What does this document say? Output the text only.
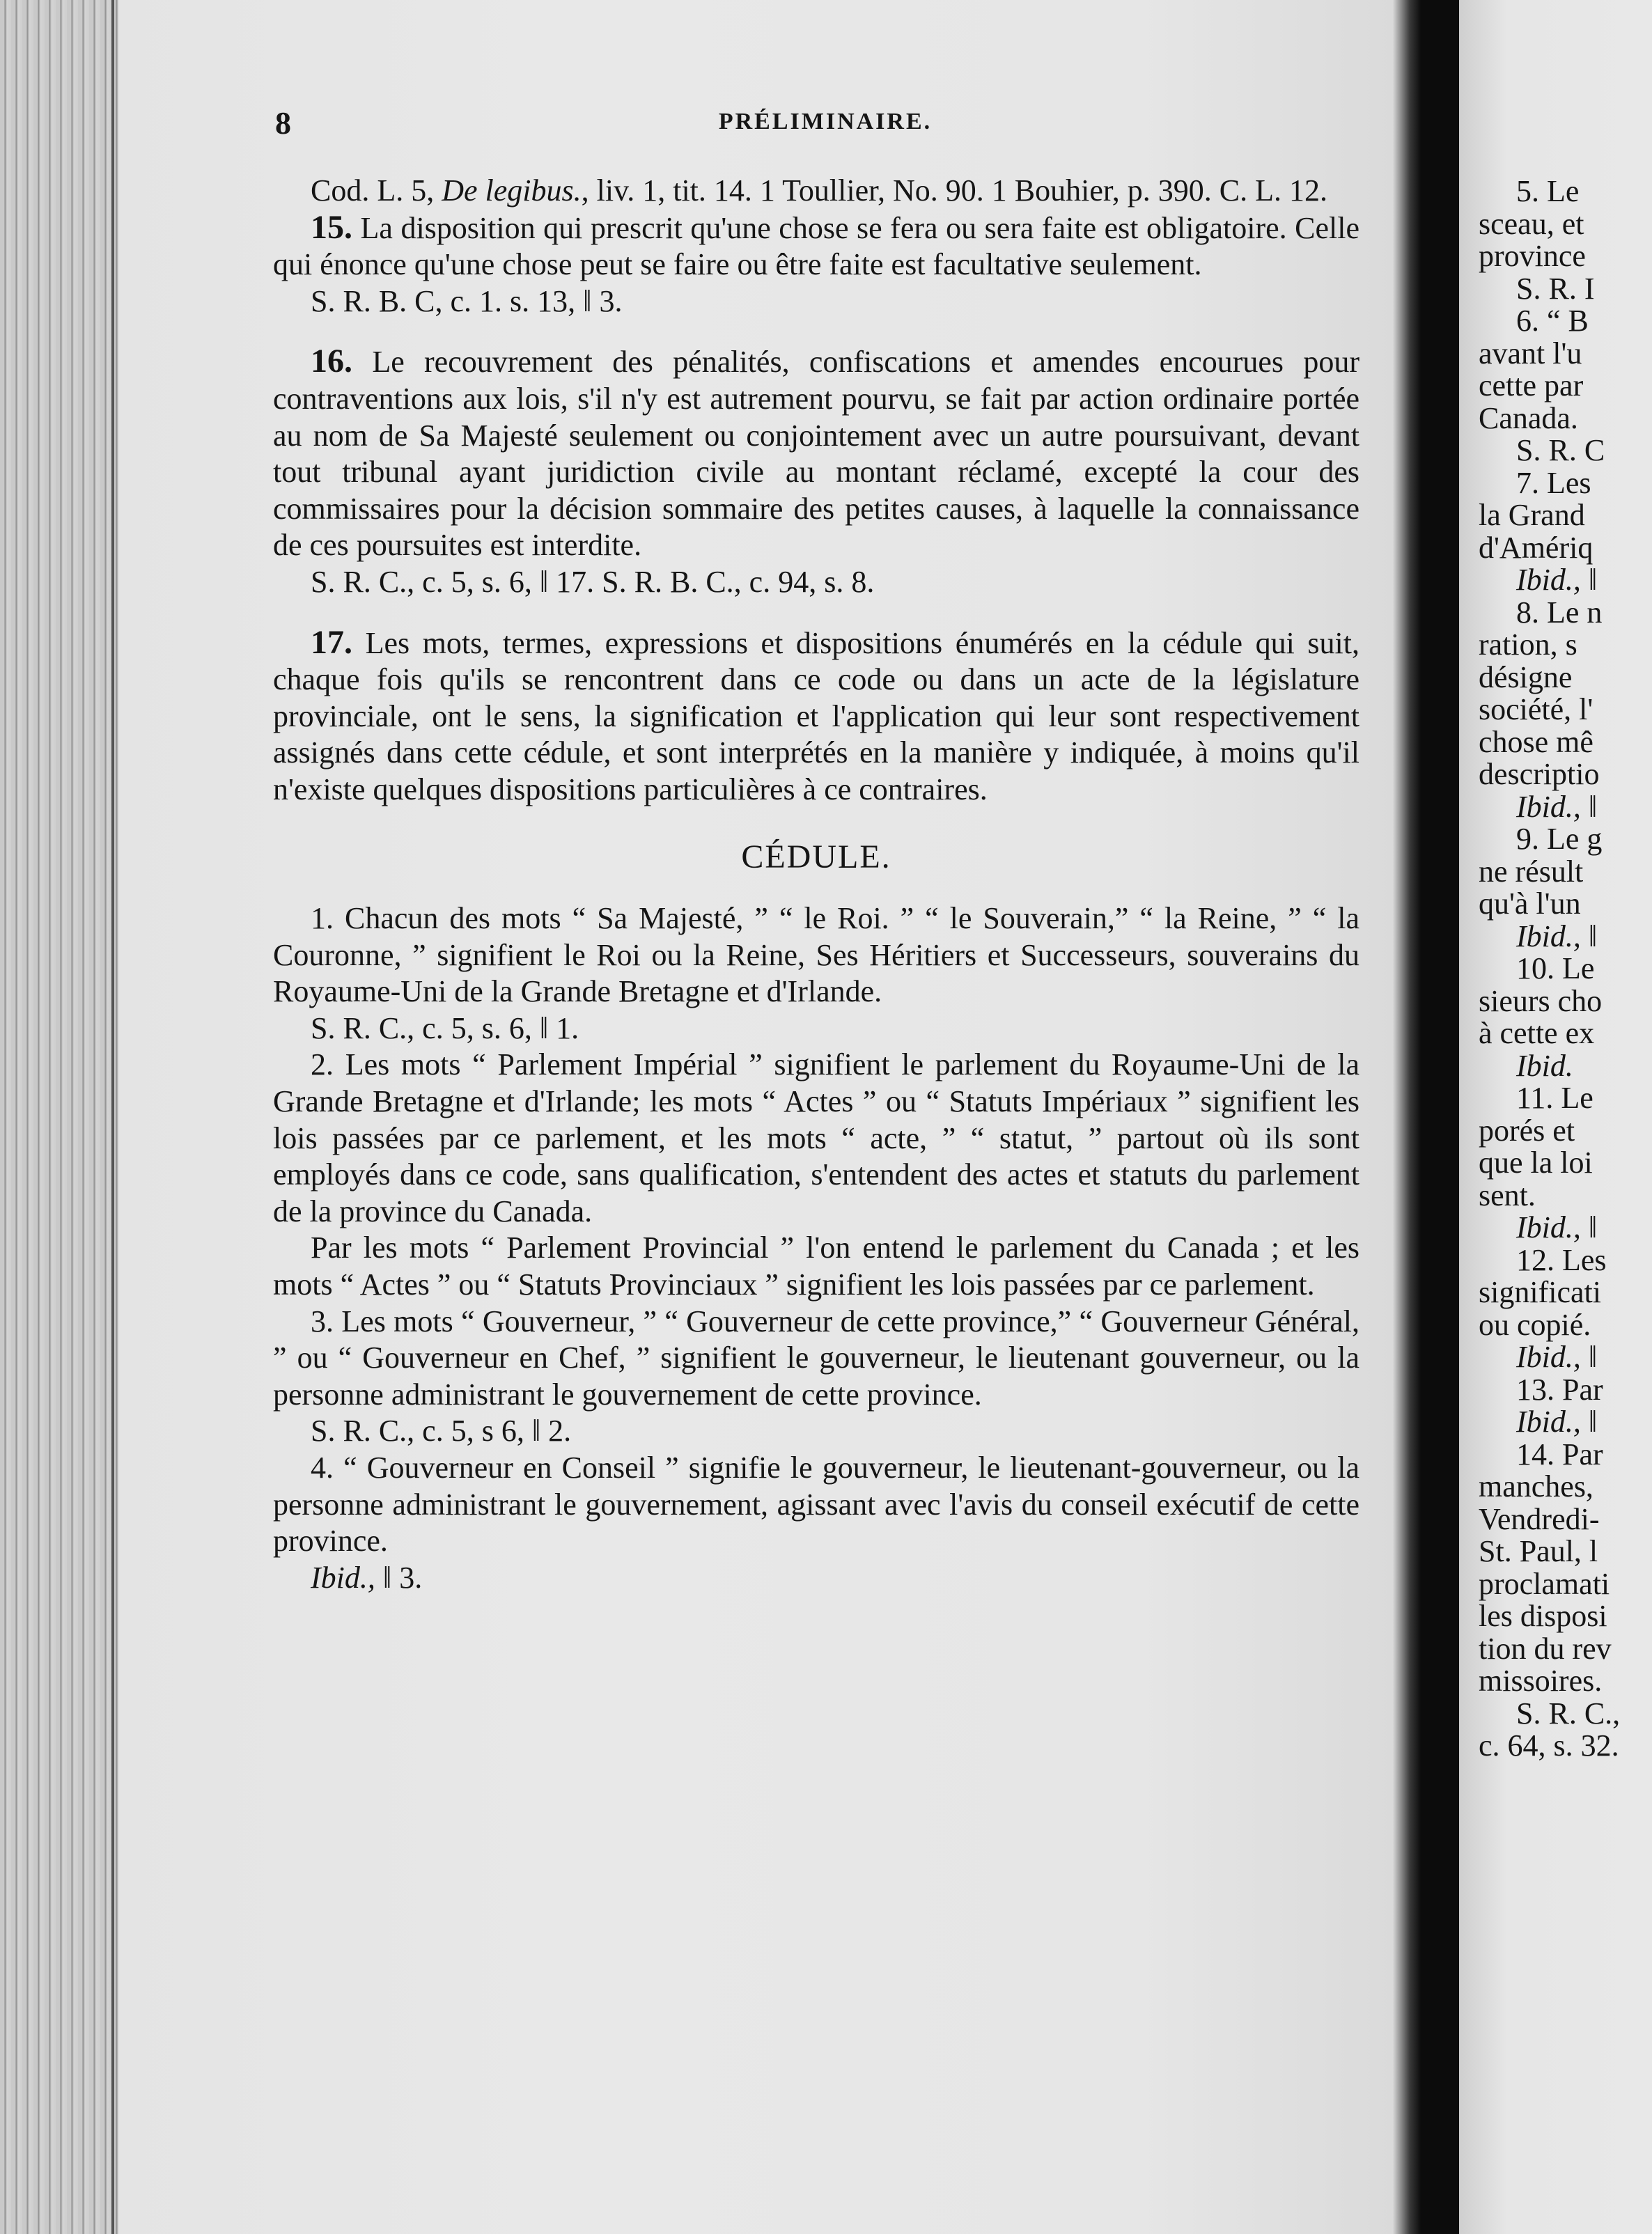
8	PRÉLIMINAIRE.

Cod. L. 5, De legibus., liv. 1, tit. 14. 1 Toullier, No. 90. 1 Bouhier, p. 390. C. L. 12.

15. La disposition qui prescrit qu'une chose se fera ou sera faite est obligatoire. Celle qui énonce qu'une chose peut se faire ou être faite est facultative seulement.

S. R. B. C, c. 1. s. 13, ‖ 3.

16. Le recouvrement des pénalités, confiscations et amendes encourues pour contraventions aux lois, s'il n'y est autrement pourvu, se fait par action ordinaire portée au nom de Sa Majesté seulement ou conjointement avec un autre poursuivant, devant tout tribunal ayant juridiction civile au montant réclamé, excepté la cour des commissaires pour la décision sommaire des petites causes, à laquelle la connaissance de ces poursuites est interdite.

S. R. C., c. 5, s. 6, ‖ 17. S. R. B. C., c. 94, s. 8.

17. Les mots, termes, expressions et dispositions énumérés en la cédule qui suit, chaque fois qu'ils se rencontrent dans ce code ou dans un acte de la législature provinciale, ont le sens, la signification et l'application qui leur sont respectivement assignés dans cette cédule, et sont interprétés en la manière y indiquée, à moins qu'il n'existe quelques dispositions particulières à ce contraires.

CÉDULE.

1. Chacun des mots “ Sa Majesté, ” “ le Roi. ” “ le Souverain,” “ la Reine, ” “ la Couronne, ” signifient le Roi ou la Reine, Ses Héritiers et Successeurs, souverains du Royaume-Uni de la Grande Bretagne et d'Irlande.

S. R. C., c. 5, s. 6, ‖ 1.

2. Les mots “ Parlement Impérial ” signifient le parlement du Royaume-Uni de la Grande Bretagne et d'Irlande; les mots “ Actes ” ou “ Statuts Impériaux ” signifient les lois passées par ce parlement, et les mots “ acte, ” “ statut, ” partout où ils sont employés dans ce code, sans qualification, s'entendent des actes et statuts du parlement de la province du Canada.

Par les mots “ Parlement Provincial ” l'on entend le parlement du Canada ; et les mots “ Actes ” ou “ Statuts Provinciaux ” signifient les lois passées par ce parlement.

3. Les mots “ Gouverneur, ” “ Gouverneur de cette province,” “ Gouverneur Général, ” ou “ Gouverneur en Chef, ” signifient le gouverneur, le lieutenant gouverneur, ou la personne administrant le gouvernement de cette province.

S. R. C., c. 5, s 6, ‖ 2.

4. “ Gouverneur en Conseil ” signifie le gouverneur, le lieutenant-gouverneur, ou la personne administrant le gouvernement, agissant avec l'avis du conseil exécutif de cette province.

Ibid., ‖ 3.

5. Le
sceau, et
province
S. R. I
6. “ B
avant l'u
cette par
Canada.
S. R. C
7. Les
la Grand
d'Amériq
Ibid., ‖
8. Le n
ration, s
désigne
société, l'
chose mê
descriptio
Ibid., ‖
9. Le g
ne résult
qu'à l'un
Ibid., ‖
10. Le
sieurs cho
à cette ex
Ibid.
11. Le
porés et
que la loi
sent.
Ibid., ‖
12. Les
significati
ou copié.
Ibid., ‖
13. Par
Ibid., ‖
14. Par
manches,
Vendredi-
St. Paul, l
proclamati
les disposi
tion du rev
missoires.
S. R. C.,
c. 64, s. 32.
